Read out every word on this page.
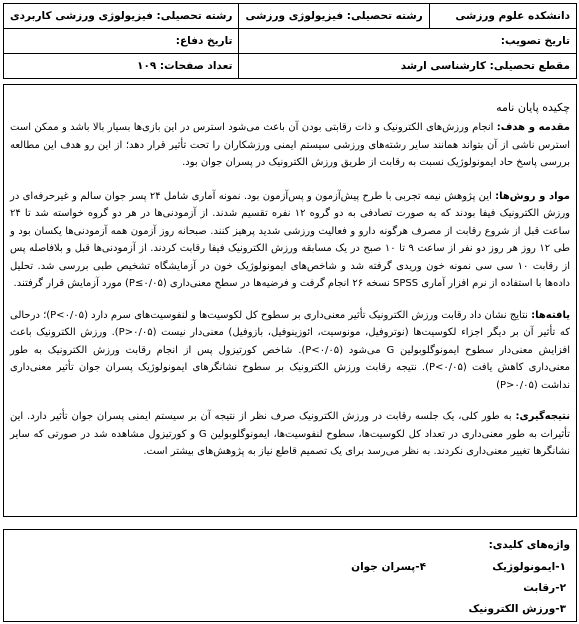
دانشکده علوم ورزشی	رشته تحصیلی: فیزیولوژی ورزشی	رشته تحصیلی: فیزیولوژی ورزشی کاربردی
تاریخ تصویب:		تاریخ دفاع:
مقطع تحصیلی: کارشناسی ارشد		تعداد صفحات: ۱۰۹
چکیده پایان نامه

مقدمه و هدف: انجام ورزش‌های الکترونیک و ذات رقابتی بودن آن باعث می‌شود استرس در این بازی‌ها بسیار بالا باشد و ممکن است استرس ناشی از آن بتواند همانند سایر رشته‌های ورزشی سیستم ایمنی ورزشکاران را تحت تأثیر قرار دهد؛ از این رو هدف این مطالعه بررسی پاسخ حاد ایمونولوژیک نسبت به رقابت از طریق ورزش الکترونیک در پسران جوان بود.

مواد و روش‌ها: این پژوهش نیمه تجربی با طرح پیش‌آزمون و پس‌آزمون بود. نمونه آماری شامل ۲۴ پسر جوان سالم و غیرحرفه‌ای در ورزش الکترونیک فیفا بودند که به صورت تصادفی به دو گروه ۱۲ نفره تقسیم شدند. از آزمودنی‌ها در هر دو گروه خواسته شد تا ۲۴ ساعت قبل از شروع رقابت از مصرف هرگونه دارو و فعالیت ورزشی شدید پرهیز کنند. صبحانه روز آزمون همه آزمودنی‌ها یکسان بود و طی ۱۲ روز هر روز دو نفر از ساعت ۹ تا ۱۰ صبح در یک مسابقه ورزش الکترونیک فیفا رقابت کردند. از آزمودنی‌ها قبل و بلافاصله پس از رقابت ۱۰ سی سی نمونه خون وریدی گرفته شد و شاخص‌های ایمونولوژیک خون در آزمایشگاه تشخیص طبی بررسی شد. تحلیل داده‌ها با استفاده از نرم افزار آماری SPSS نسخه ۲۶ انجام گرفت و فرضیه‌ها در سطح معنی‌داری (P≤۰/۰۵) مورد آزمایش قرار گرفتند.

یافته‌ها: نتایج نشان داد رقابت ورزش الکترونیک تأثیر معنی‌داری بر سطوح کل لکوسیت‌ها و لنفوسیت‌های سرم دارد (P<۰/۰۵)؛ درحالی که تأثیر آن بر دیگر اجزاء لکوسیت‌ها (نوتروفیل، مونوسیت، ائوزینوفیل، بازوفیل) معنی‌دار نیست (P>۰/۰۵). ورزش الکترونیک باعث افزایش معنی‌دار سطوح ایمونوگلوبولین G می‌شود (P<۰/۰۵). شاخص کورتیزول پس از انجام رقابت ورزش الکترونیک به طور معنی‌داری کاهش یافت (P<۰/۰۵). نتیجه رقابت ورزش الکترونیک بر سطوح نشانگرهای ایمونولوژیک پسران جوان تأثیر معنی‌داری نداشت (P>۰/۰۵)

نتیجه‌گیری: به طور کلی، یک جلسه رقابت در ورزش الکترونیک صرف نظر از نتیجه آن بر سیستم ایمنی پسران جوان تأثیر دارد. این تأثیرات به طور معنی‌داری در تعداد کل لکوسیت‌ها، سطوح لنفوسیت‌ها، ایمونوگلوبولین G و کورتیزول مشاهده شد در صورتی که سایر نشانگرها تغییر معنی‌داری نکردند. به نظر می‌رسد برای یک تصمیم قاطع نیاز به پژوهش‌های بیشتر است.

واژه‌های کلیدی:
۱-ایمونولوژیک
۲-رقابت
۳-ورزش الکترونیک
۴-پسران جوان
